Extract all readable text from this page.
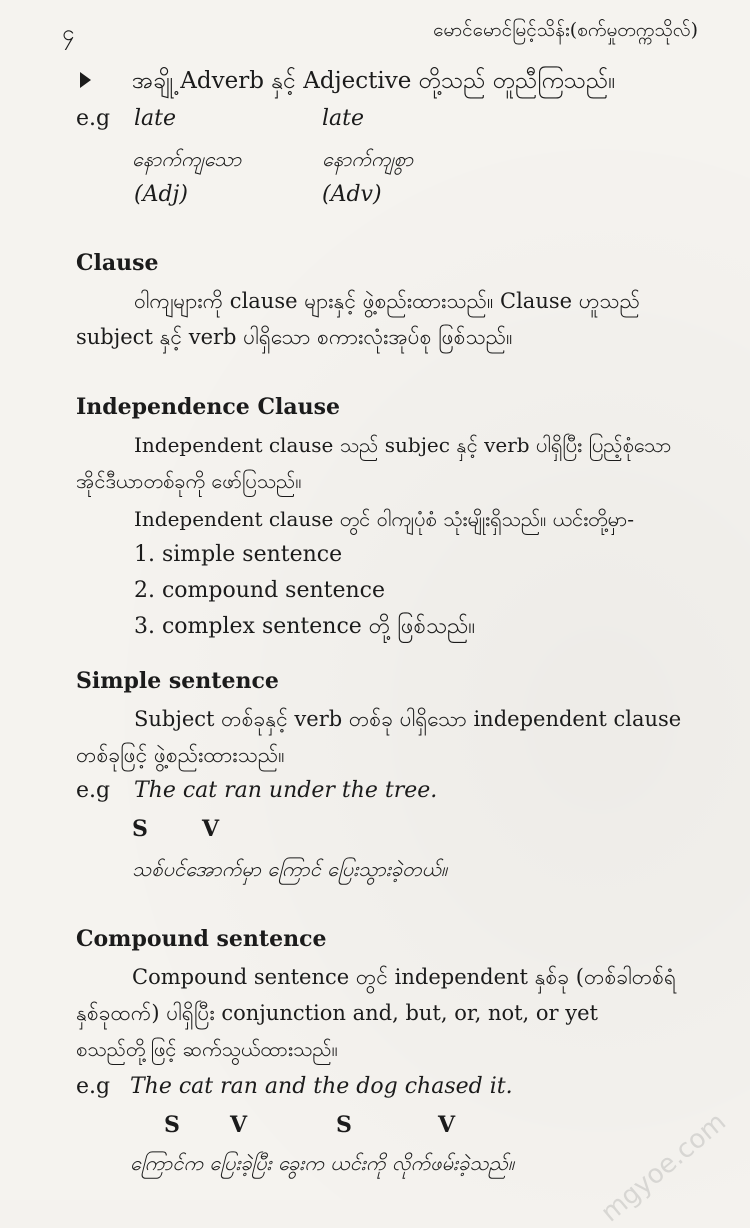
၄	မောင်မောင်မြင့်သိန်း(စက်မှုတက္ကသိုလ်)
အချို့ Adverb နှင့် Adjective တို့သည် တူညီကြသည်။
e.g late	late
နောက်ကျသော	နောက်ကျစွာ
(Adj)	(Adv)
Clause
ဝါကျများကို clause များနှင့် ဖွဲ့စည်းထားသည်။ Clause ဟူသည်
subject နှင့် verb ပါရှိသော စကားလုံးအုပ်စု ဖြစ်သည်။
Independence Clause
Independent clause သည် subjec နှင့် verb ပါရှိပြီး ပြည့်စုံသော
အိုင်ဒီယာတစ်ခုကို ဖော်ပြသည်။
Independent clause တွင် ဝါကျပုံစံ သုံးမျိုးရှိသည်။ ယင်းတို့မှာ-
1. simple sentence
2. compound sentence
3. complex sentence တို့ ဖြစ်သည်။
Simple sentence
Subject တစ်ခုနှင့် verb တစ်ခု ပါရှိသော independent clause
တစ်ခုဖြင့် ဖွဲ့စည်းထားသည်။
e.g The cat ran under the tree.
S V
သစ်ပင်အောက်မှာ ကြောင် ပြေးသွားခဲ့တယ်။
Compound sentence
Compound sentence တွင် independent နှစ်ခု (တစ်ခါတစ်ရံ
နှစ်ခုထက်) ပါရှိပြီး conjunction and, but, or, not, or yet
စသည်တို့ဖြင့် ဆက်သွယ်ထားသည်။
e.g The cat ran and the dog chased it.
S V	S	V
ကြောင်က ပြေးခဲ့ပြီး ခွေးက ယင်းကို လိုက်ဖမ်းခဲ့သည်။	mgyoe.com
